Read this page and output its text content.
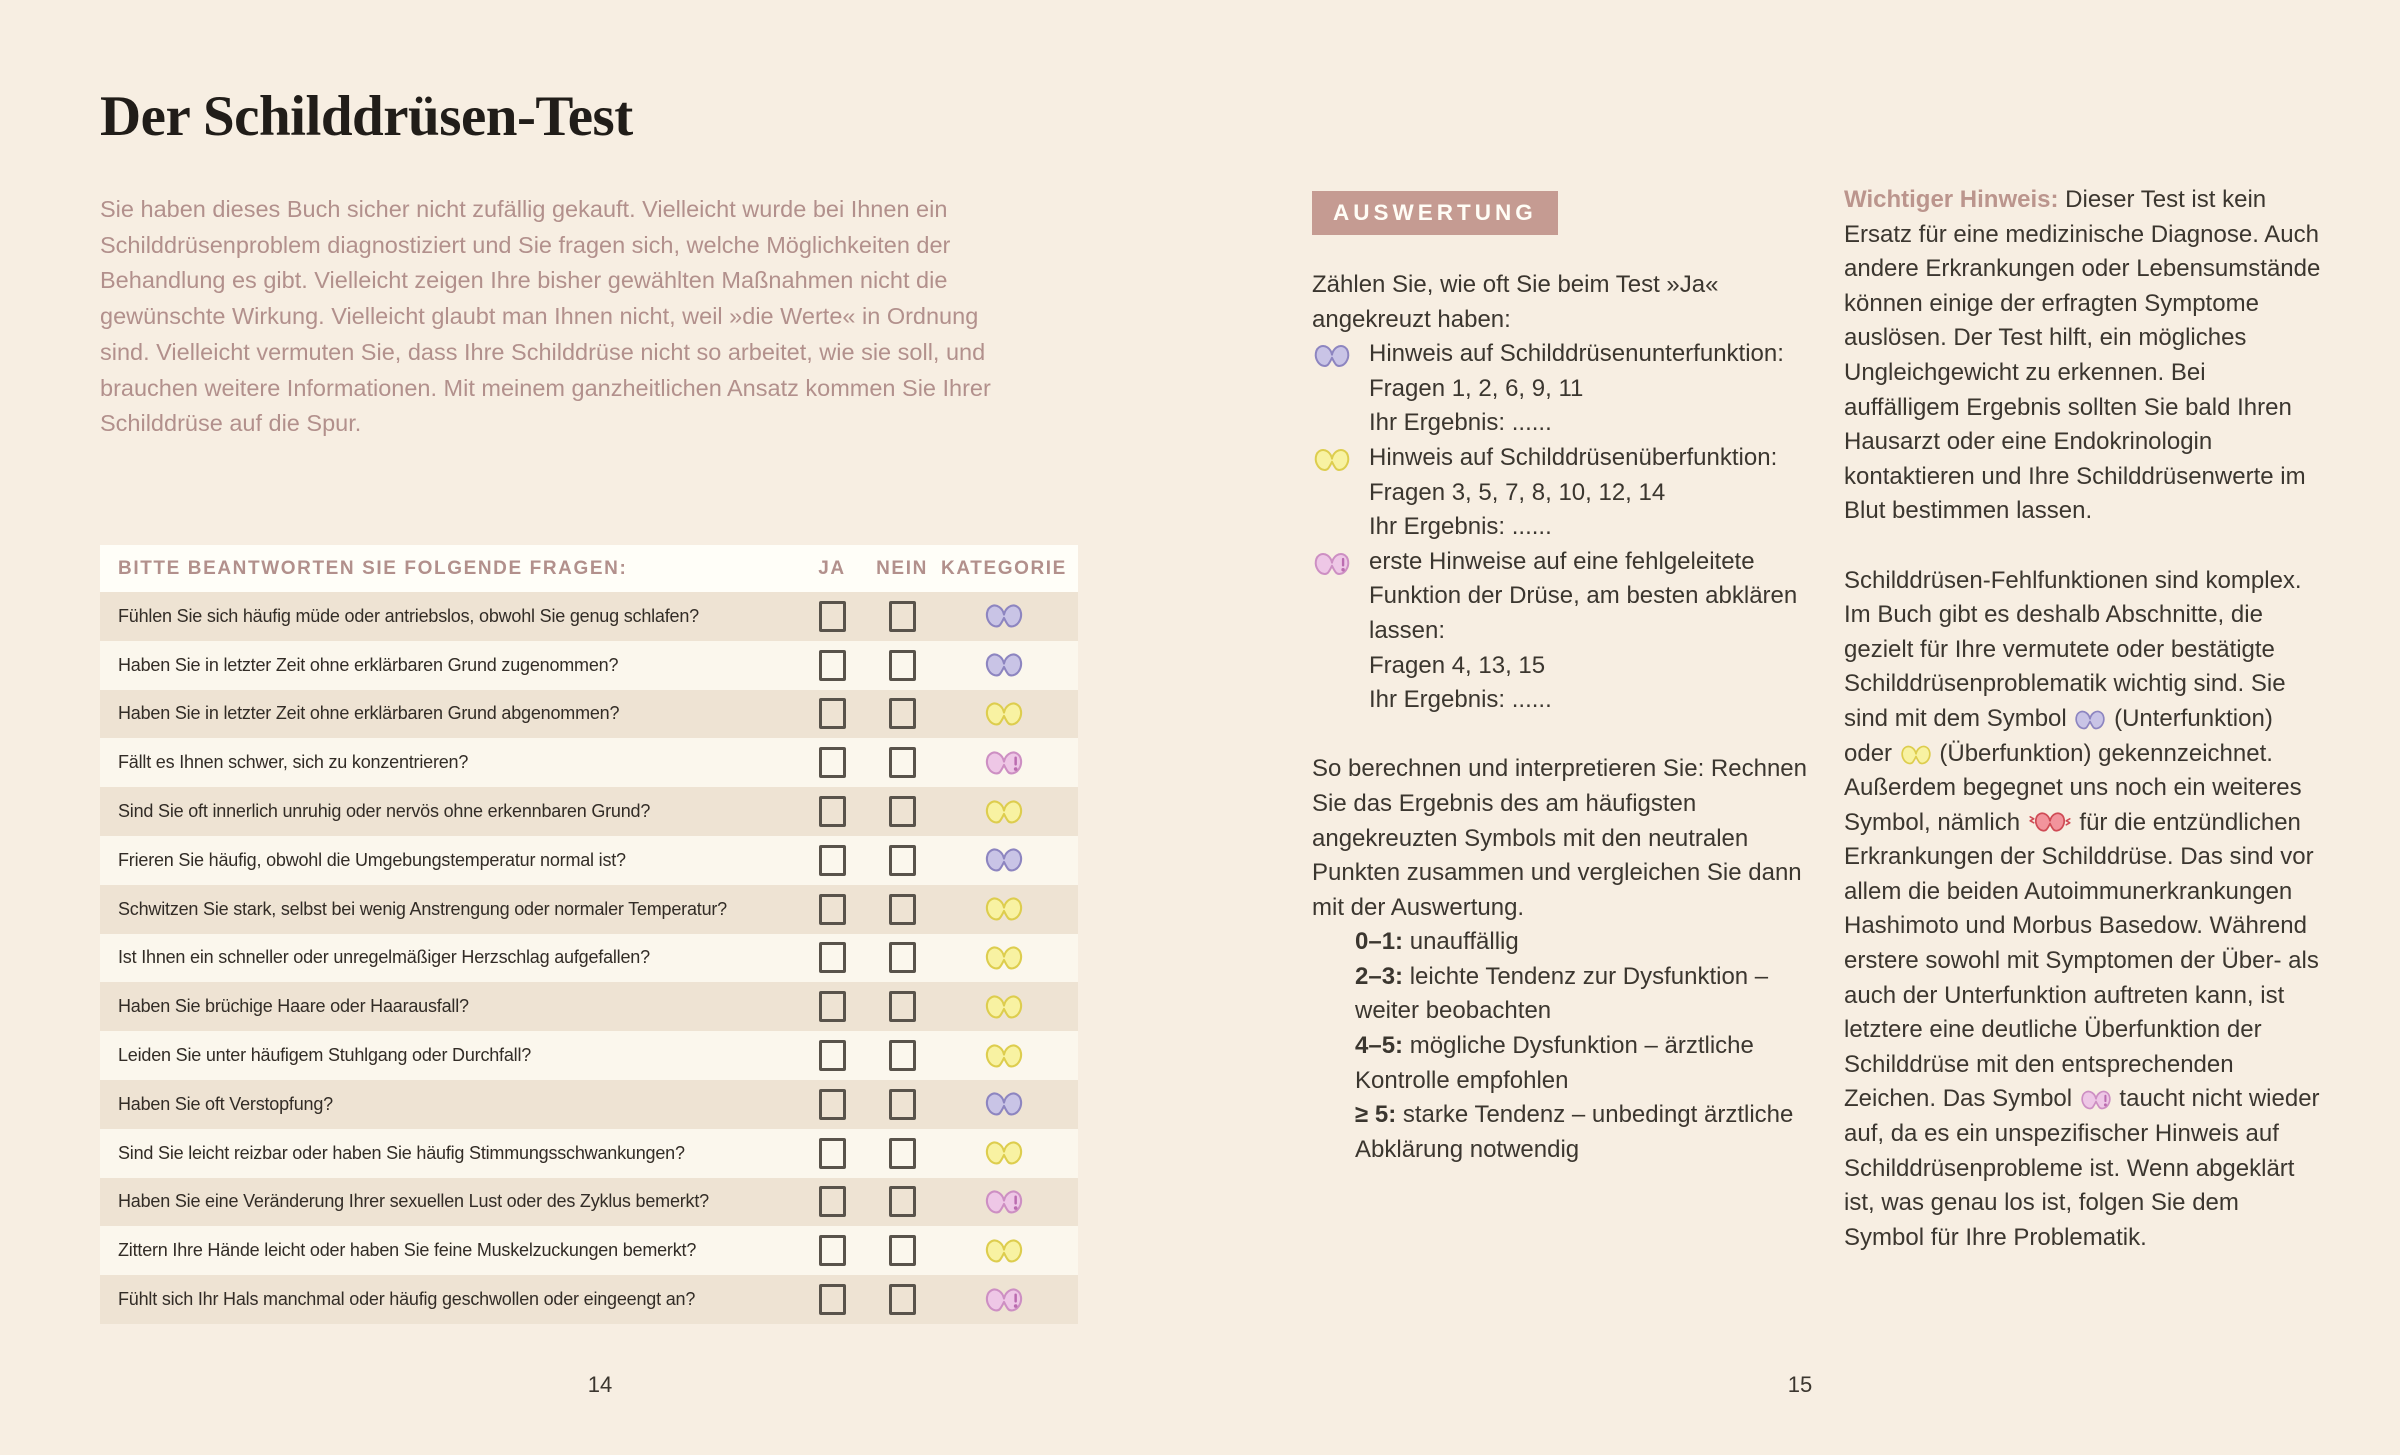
Der Schilddrüsen-Test

Sie haben dieses Buch sicher nicht zufällig gekauft. Vielleicht wurde bei Ihnen ein Schilddrüsenproblem diagnostiziert und Sie fragen sich, welche Möglichkeiten der Behandlung es gibt. Vielleicht zeigen Ihre bisher gewählten Maßnahmen nicht die gewünschte Wirkung. Vielleicht glaubt man Ihnen nicht, weil »die Werte« in Ordnung sind. Vielleicht vermuten Sie, dass Ihre Schilddrüse nicht so arbeitet, wie sie soll, und brauchen weitere Informationen. Mit meinem ganzheitlichen Ansatz kommen Sie Ihrer Schilddrüse auf die Spur.

BITTE BEANTWORTEN SIE FOLGENDE FRAGEN:	JA	NEIN KATEGORIE
Fühlen Sie sich häufig müde oder antriebslos, obwohl Sie genug schlafen?
Haben Sie in letzter Zeit ohne erklärbaren Grund zugenommen?
Haben Sie in letzter Zeit ohne erklärbaren Grund abgenommen?
Fällt es Ihnen schwer, sich zu konzentrieren?
Sind Sie oft innerlich unruhig oder nervös ohne erkennbaren Grund?
Frieren Sie häufig, obwohl die Umgebungstemperatur normal ist?
Schwitzen Sie stark, selbst bei wenig Anstrengung oder normaler Temperatur?
Ist Ihnen ein schneller oder unregelmäßiger Herzschlag aufgefallen?
Haben Sie brüchige Haare oder Haarausfall?
Leiden Sie unter häufigem Stuhlgang oder Durchfall?
Haben Sie oft Verstopfung?
Sind Sie leicht reizbar oder haben Sie häufig Stimmungsschwankungen?
Haben Sie eine Veränderung Ihrer sexuellen Lust oder des Zyklus bemerkt?
Zittern Ihre Hände leicht oder haben Sie feine Muskelzuckungen bemerkt?
Fühlt sich Ihr Hals manchmal oder häufig geschwollen oder eingeengt an?
14
AUSWERTUNG

Zählen Sie, wie oft Sie beim Test »Ja« angekreuzt haben:

Hinweis auf Schilddrüsenunterfunktion:
Fragen 1, 2, 6, 9, 11
Ihr Ergebnis: ......
Hinweis auf Schilddrüsenüberfunktion:
Fragen 3, 5, 7, 8, 10, 12, 14
Ihr Ergebnis: ......
erste Hinweise auf eine fehlgeleitete Funktion der Drüse, am besten abklären lassen:
Fragen 4, 13, 15
Ihr Ergebnis: ......

So berechnen und interpretieren Sie: Rechnen Sie das Ergebnis des am häufigsten angekreuzten Symbols mit den neutralen Punkten zusammen und vergleichen Sie dann mit der Auswertung.

0–1: unauffällig
2–3: leichte Tendenz zur Dysfunktion – weiter beobachten
4–5: mögliche Dysfunktion – ärztliche Kontrolle empfohlen
≥ 5: starke Tendenz – unbedingt ärztliche Abklärung notwendig

Wichtiger Hinweis: Dieser Test ist kein Ersatz für eine medizinische Diagnose. Auch andere Erkrankungen oder Lebensumstände können einige der erfragten Symptome auslösen. Der Test hilft, ein mögliches Ungleichgewicht zu erkennen. Bei auffälligem Ergebnis sollten Sie bald Ihren Hausarzt oder eine Endokrinologin kontaktieren und Ihre Schilddrüsenwerte im Blut bestimmen lassen.

Schilddrüsen-Fehlfunktionen sind komplex. Im Buch gibt es deshalb Abschnitte, die gezielt für Ihre vermutete oder bestätigte Schilddrüsenproblematik wichtig sind. Sie sind mit dem Symbol  (Unterfunktion) oder  (Überfunktion) gekennzeichnet. Außerdem begegnet uns noch ein weiteres Symbol, nämlich  für die entzündlichen Erkrankungen der Schilddrüse. Das sind vor allem die beiden Autoimmunerkrankungen Hashimoto und Morbus Basedow. Während erstere sowohl mit Symptomen der Über- als auch der Unterfunktion auftreten kann, ist letztere eine deutliche Überfunktion der Schilddrüse mit den entsprechenden Zeichen. Das Symbol  taucht nicht wieder auf, da es ein unspezifischer Hinweis auf Schilddrüsenprobleme ist. Wenn abgeklärt ist, was genau los ist, folgen Sie dem Symbol für Ihre Problematik.

15
